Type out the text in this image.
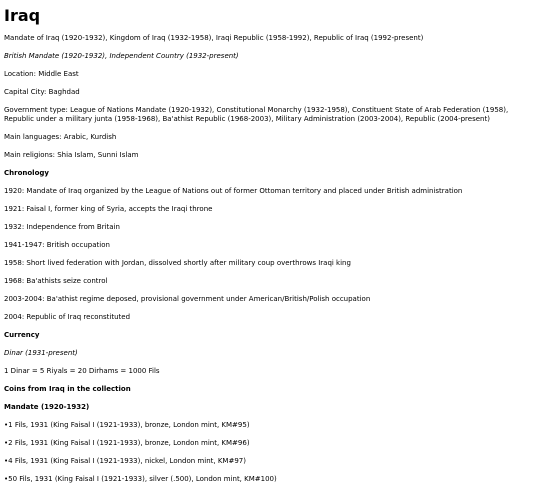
Iraq

Mandate of Iraq (1920-1932), Kingdom of Iraq (1932-1958), Iraqi Republic (1958-1992), Republic of Iraq (1992-present)

British Mandate (1920-1932), Independent Country (1932-present)

Location: Middle East

Capital City: Baghdad

Government type: League of Nations Mandate (1920-1932), Constitutional Monarchy (1932-1958), Constituent State of Arab Federation (1958), Republic under a military junta (1958-1968), Ba'athist Republic (1968-2003), Military Administration (2003-2004), Republic (2004-present)

Main languages: Arabic, Kurdish

Main religions: Shia Islam, Sunni Islam

Chronology

1920: Mandate of Iraq organized by the League of Nations out of former Ottoman territory and placed under British administration

1921: Faisal I, former king of Syria, accepts the Iraqi throne

1932: Independence from Britain

1941-1947: British occupation

1958: Short lived federation with Jordan, dissolved shortly after military coup overthrows Iraqi king

1968: Ba'athists seize control

2003-2004: Ba'athist regime deposed, provisional government under American/British/Polish occupation

2004: Republic of Iraq reconstituted

Currency

Dinar (1931-present)

1 Dinar = 5 Riyals = 20 Dirhams = 1000 Fils

Coins from Iraq in the collection
Mandate (1920-1932)
•1 Fils, 1931 (King Faisal I (1921-1933), bronze, London mint, KM#95)
•2 Fils, 1931 (King Faisal I (1921-1933), bronze, London mint, KM#96)
•4 Fils, 1931 (King Faisal I (1921-1933), nickel, London mint, KM#97)
•50 Fils, 1931 (King Faisal I (1921-1933), silver (.500), London mint, KM#100)
